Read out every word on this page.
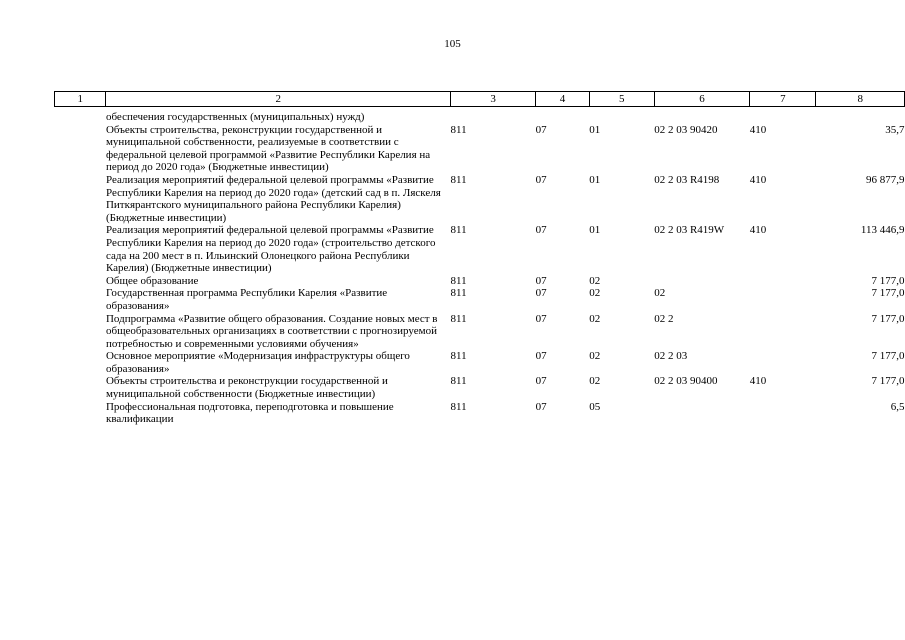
105
1	2	3	4	5	6	7	8
	обеспечения государственных (муниципальных) нужд)						
	Объекты строительства, реконструкции государственной и муниципальной собственности, реализуемые в соответствии с федеральной целевой программой «Развитие Республики Карелия на период до 2020 года» (Бюджетные инвестиции)	811	07	01	02 2 03 90420	410	35,7
	Реализация мероприятий федеральной целевой программы «Развитие Республики Карелия на период до 2020 года» (детский сад в п. Ляскеля Питкярантского муниципального района Республики Карелия) (Бюджетные инвестиции)	811	07	01	02 2 03 R4198	410	96 877,9
	Реализация мероприятий федеральной целевой программы «Развитие Республики Карелия на период до 2020 года» (строительство детского сада на 200 мест в п. Ильинский Олонецкого района Республики Карелия) (Бюджетные инвестиции)	811	07	01	02 2 03 R419W	410	113 446,9
	Общее образование	811	07	02			7 177,0
	Государственная программа Республики Карелия «Развитие образования»	811	07	02	02		7 177,0
	Подпрограмма «Развитие общего образования. Создание новых мест в общеобразовательных организациях в соответствии с прогнозируемой потребностью и современными условиями обучения»	811	07	02	02 2		7 177,0
	Основное мероприятие «Модернизация инфраструктуры общего образования»	811	07	02	02 2 03		7 177,0
	Объекты строительства и реконструкции государственной и муниципальной собственности (Бюджетные инвестиции)	811	07	02	02 2 03 90400	410	7 177,0
	Профессиональная подготовка, переподготовка и повышение квалификации	811	07	05			6,5
